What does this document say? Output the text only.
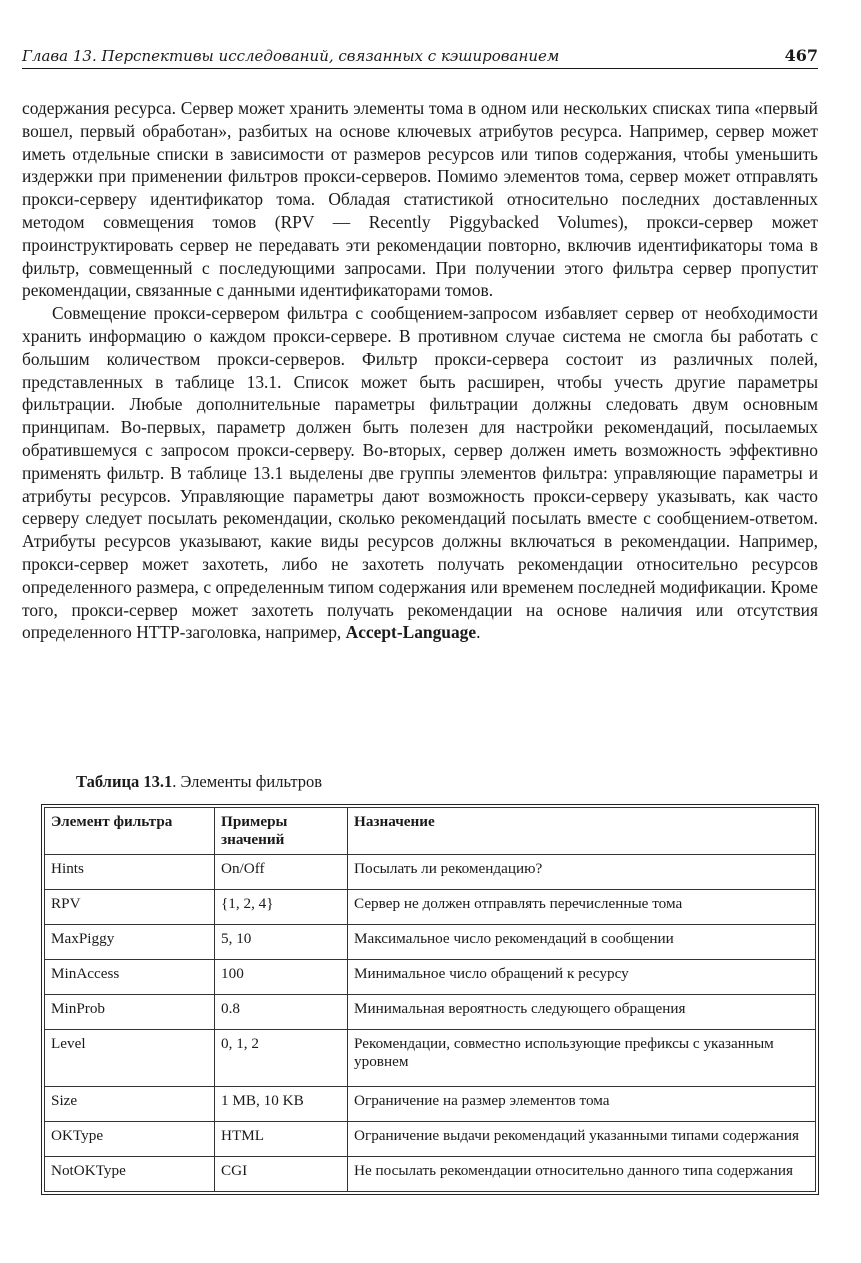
Глава 13. Перспективы исследований, связанных с кэшированием	467

содержания ресурса. Сервер может хранить элементы тома в одном или нескольких списках типа «первый вошел, первый обработан», разбитых на основе ключевых атрибутов ресурса. Например, сервер может иметь отдельные списки в зависимости от размеров ресурсов или типов содержания, чтобы уменьшить издержки при применении фильтров прокси-серверов. Помимо элементов тома, сервер может отправлять прокси-серверу идентификатор тома. Обладая статистикой относительно последних доставленных методом совмещения томов (RPV — Recently Piggybacked Volumes), прокси-сервер может проинструктировать сервер не передавать эти рекомендации повторно, включив идентификаторы тома в фильтр, совмещенный с последующими запросами. При получении этого фильтра сервер пропустит рекомендации, связанные с данными идентификаторами томов.

Совмещение прокси-сервером фильтра с сообщением-запросом избавляет сервер от необходимости хранить информацию о каждом прокси-сервере. В противном случае система не смогла бы работать с большим количеством прокси-серверов. Фильтр прокси-сервера состоит из различных полей, представленных в таблице 13.1. Список может быть расширен, чтобы учесть другие параметры фильтрации. Любые дополнительные параметры фильтрации должны следовать двум основным принципам. Во-первых, параметр должен быть полезен для настройки рекомендаций, посылаемых обратившемуся с запросом прокси-серверу. Во-вторых, сервер должен иметь возможность эффективно применять фильтр. В таблице 13.1 выделены две группы элементов фильтра: управляющие параметры и атрибуты ресурсов. Управляющие параметры дают возможность прокси-серверу указывать, как часто серверу следует посылать рекомендации, сколько рекомендаций посылать вместе с сообщением-ответом. Атрибуты ресурсов указывают, какие виды ресурсов должны включаться в рекомендации. Например, прокси-сервер может захотеть, либо не захотеть получать рекомендации относительно ресурсов определенного размера, с определенным типом содержания или временем последней модификации. Кроме того, прокси-сервер может захотеть получать рекомендации на основе наличия или отсутствия определенного HTTP-заголовка, например, Accept-Language.

Таблица 13.1. Элементы фильтров
Элемент фильтра	Примеры значений	Назначение
Hints	On/Off	Посылать ли рекомендацию?
RPV	{1, 2, 4}	Сервер не должен отправлять перечисленные тома
MaxPiggy	5, 10	Максимальное число рекомендаций в сообщении
MinAccess	100	Минимальное число обращений к ресурсу
MinProb	0.8	Минимальная вероятность следующего обращения
Level	0, 1, 2	Рекомендации, совместно использующие префиксы с указанным уровнем
Size	1 MB, 10 KB	Ограничение на размер элементов тома
OKType	HTML	Ограничение выдачи рекомендаций указанными типами содержания
NotOKType	CGI	Не посылать рекомендации относительно данного типа содержания
